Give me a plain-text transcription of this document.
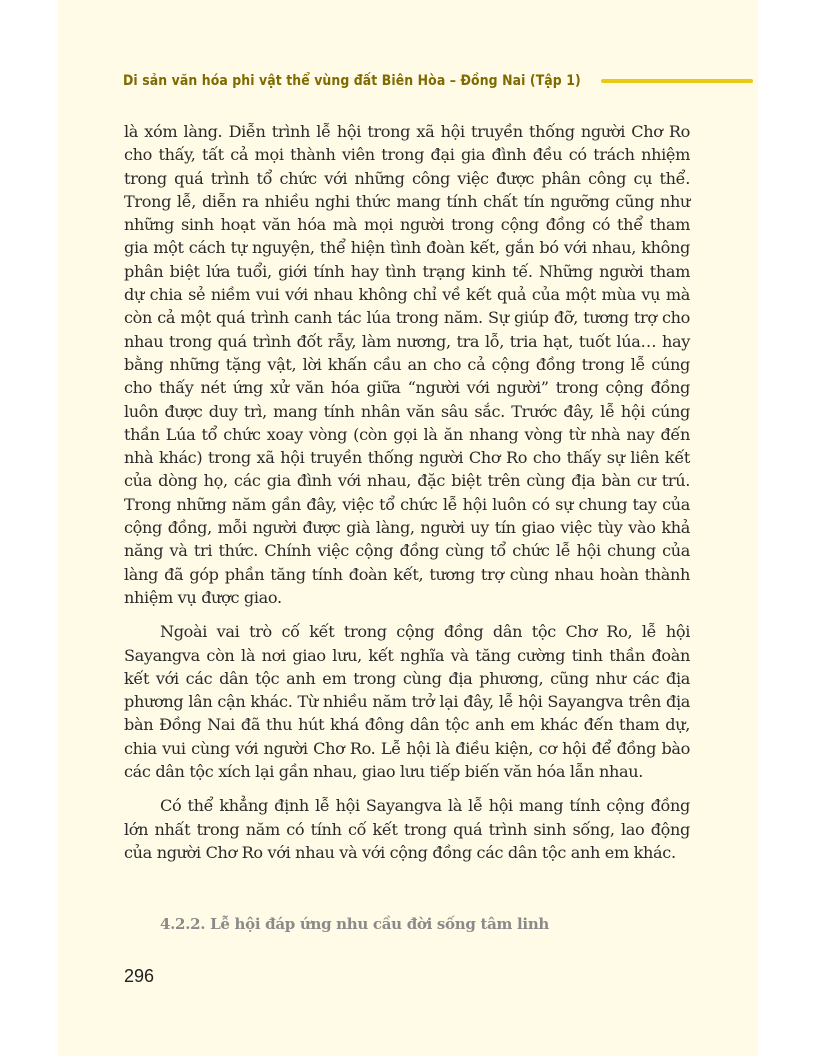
Di sản văn hóa phi vật thể vùng đất Biên Hòa – Đồng Nai (Tập 1)

là xóm làng. Diễn trình lễ hội trong xã hội truyền thống người Chơ Ro cho thấy, tất cả mọi thành viên trong đại gia đình đều có trách nhiệm trong quá trình tổ chức với những công việc được phân công cụ thể. Trong lễ, diễn ra nhiều nghi thức mang tính chất tín ngưỡng cũng như những sinh hoạt văn hóa mà mọi người trong cộng đồng có thể tham gia một cách tự nguyện, thể hiện tình đoàn kết, gắn bó với nhau, không phân biệt lứa tuổi, giới tính hay tình trạng kinh tế. Những người tham dự chia sẻ niềm vui với nhau không chỉ về kết quả của một mùa vụ mà còn cả một quá trình canh tác lúa trong năm. Sự giúp đỡ, tương trợ cho nhau trong quá trình đốt rẫy, làm nương, tra lỗ, tria hạt, tuốt lúa… hay bằng những tặng vật, lời khấn cầu an cho cả cộng đồng trong lễ cúng cho thấy nét ứng xử văn hóa giữa “người với người” trong cộng đồng luôn được duy trì, mang tính nhân văn sâu sắc. Trước đây, lễ hội cúng thần Lúa tổ chức xoay vòng (còn gọi là ăn nhang vòng từ nhà nay đến nhà khác) trong xã hội truyền thống người Chơ Ro cho thấy sự liên kết của dòng họ, các gia đình với nhau, đặc biệt trên cùng địa bàn cư trú. Trong những năm gần đây, việc tổ chức lễ hội luôn có sự chung tay của cộng đồng, mỗi người được già làng, người uy tín giao việc tùy vào khả năng và tri thức. Chính việc cộng đồng cùng tổ chức lễ hội chung của làng đã góp phần tăng tính đoàn kết, tương trợ cùng nhau hoàn thành nhiệm vụ được giao.

Ngoài vai trò cố kết trong cộng đồng dân tộc Chơ Ro, lễ hội Sayangva còn là nơi giao lưu, kết nghĩa và tăng cường tinh thần đoàn kết với các dân tộc anh em trong cùng địa phương, cũng như các địa phương lân cận khác. Từ nhiều năm trở lại đây, lễ hội Sayangva trên địa bàn Đồng Nai đã thu hút khá đông dân tộc anh em khác đến tham dự, chia vui cùng với người Chơ Ro. Lễ hội là điều kiện, cơ hội để đồng bào các dân tộc xích lại gần nhau, giao lưu tiếp biến văn hóa lẫn nhau.

Có thể khẳng định lễ hội Sayangva là lễ hội mang tính cộng đồng lớn nhất trong năm có tính cố kết trong quá trình sinh sống, lao động của người Chơ Ro với nhau và với cộng đồng các dân tộc anh em khác.

4.2.2. Lễ hội đáp ứng nhu cầu đời sống tâm linh
296
